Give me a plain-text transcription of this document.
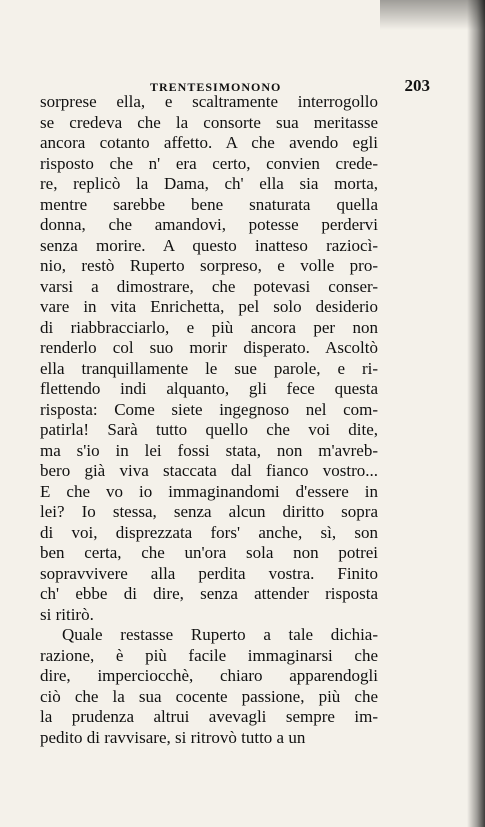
TRENTESIMONONO	203
sorprese ella, e scaltramente interrogollo
se credeva che la consorte sua meritasse
ancora cotanto affetto. A che avendo egli
risposto che n' era certo, convien crede-
re, replicò la Dama, ch' ella sia morta,
mentre sarebbe bene snaturata quella
donna, che amandovi, potesse perdervi
senza morire. A questo inatteso raziocì-
nio, restò Ruperto sorpreso, e volle pro-
varsi a dimostrare, che potevasi conser-
vare in vita Enrichetta, pel solo desiderio
di riabbracciarlo, e più ancora per non
renderlo col suo morir disperato. Ascoltò
ella tranquillamente le sue parole, e ri-
flettendo indi alquanto, gli fece questa
risposta: Come siete ingegnoso nel com-
patirla! Sarà tutto quello che voi dite,
ma s'io in lei fossi stata, non m'avreb-
bero già viva staccata dal fianco vostro...
E che vo io immaginandomi d'essere in
lei? Io stessa, senza alcun diritto sopra
di voi, disprezzata fors' anche, sì, son
ben certa, che un'ora sola non potrei
sopravvivere alla perdita vostra. Finito
ch' ebbe di dire, senza attender risposta
si ritirò.
Quale restasse Ruperto a tale dichia-
razione, è più facile immaginarsi che
dire, imperciocchè, chiaro apparendogli
ciò che la sua cocente passione, più che
la prudenza altrui avevagli sempre im-
pedito di ravvisare, si ritrovò tutto a un
